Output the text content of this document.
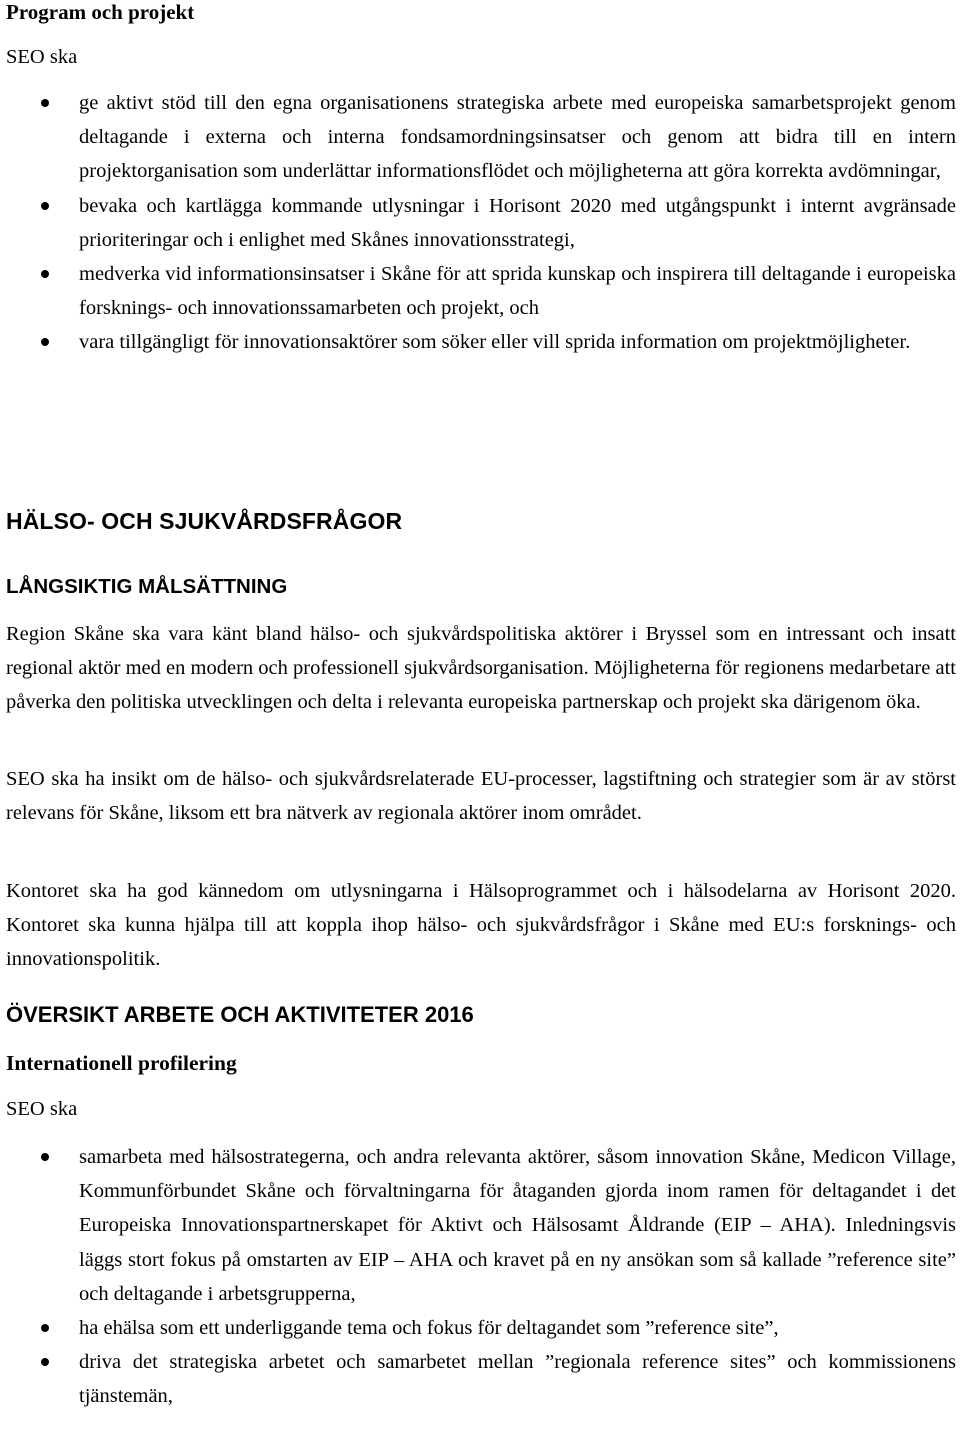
Program och projekt

SEO ska

ge aktivt stöd till den egna organisationens strategiska arbete med europeiska samarbetsprojekt genom deltagande i externa och interna fondsamordningsinsatser och genom att bidra till en intern projektorganisation som underlättar informationsflödet och möjligheterna att göra korrekta avdömningar,
bevaka och kartlägga kommande utlysningar i Horisont 2020 med utgångspunkt i internt avgränsade prioriteringar och i enlighet med Skånes innovationsstrategi,
medverka vid informationsinsatser i Skåne för att sprida kunskap och inspirera till deltagande i europeiska forsknings- och innovationssamarbeten och projekt, och
vara tillgängligt för innovationsaktörer som söker eller vill sprida information om projektmöjligheter.
HÄLSO- OCH SJUKVÅRDSFRÅGOR
LÅNGSIKTIG MÅLSÄTTNING

Region Skåne ska vara känt bland hälso- och sjukvårdspolitiska aktörer i Bryssel som en intressant och insatt regional aktör med en modern och professionell sjukvårdsorganisation. Möjligheterna för regionens medarbetare att påverka den politiska utvecklingen och delta i relevanta europeiska partnerskap och projekt ska därigenom öka.

SEO ska ha insikt om de hälso- och sjukvårdsrelaterade EU-processer, lagstiftning och strategier som är av störst relevans för Skåne, liksom ett bra nätverk av regionala aktörer inom området.

Kontoret ska ha god kännedom om utlysningarna i Hälsoprogrammet och i hälsodelarna av Horisont 2020. Kontoret ska kunna hjälpa till att koppla ihop hälso- och sjukvårdsfrågor i Skåne med EU:s forsknings- och innovationspolitik.

ÖVERSIKT ARBETE OCH AKTIVITETER 2016
Internationell profilering

SEO ska

samarbeta med hälsostrategerna, och andra relevanta aktörer, såsom innovation Skåne, Medicon Village, Kommunförbundet Skåne och förvaltningarna för åtaganden gjorda inom ramen för deltagandet i det Europeiska Innovationspartnerskapet för Aktivt och Hälsosamt Åldrande (EIP – AHA). Inledningsvis läggs stort fokus på omstarten av EIP – AHA och kravet på en ny ansökan som så kallade ”reference site” och deltagande i arbetsgrupperna,
ha ehälsa som ett underliggande tema och fokus för deltagandet som ”reference site”,
driva det strategiska arbetet och samarbetet mellan ”regionala reference sites” och kommissionens tjänstemän,
